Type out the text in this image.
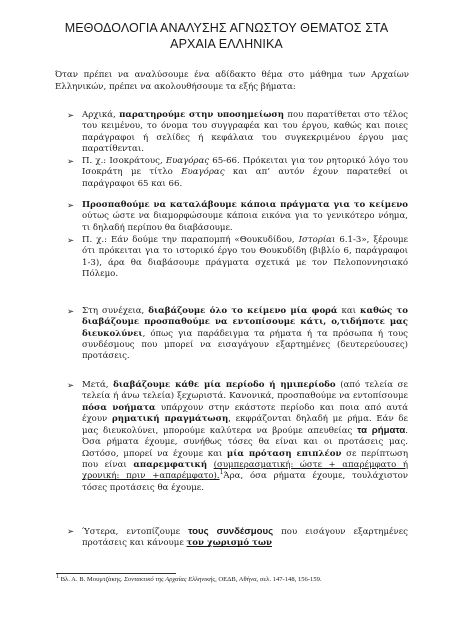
ΜΕΘΟΔΟΛΟΓΙΑ ΑΝΑΛΥΣΗΣ ΑΓΝΩΣΤΟΥ ΘΕΜΑΤΟΣ ΣΤΑ
ΑΡΧΑΙΑ ΕΛΛΗΝΙΚΑ
Όταν πρέπει να αναλύσουμε ένα αδίδακτο θέμα στο μάθημα των Αρχαίων Ελληνικών, πρέπει να ακολουθήσουμε τα εξής βήματα:
➢ Αρχικά, παρατηρούμε στην υποσημείωση που παρατίθεται στο τέλος του κειμένου, το όνομα του συγγραφέα και του έργου, καθώς και ποιες παράγραφοι ή σελίδες ή κεφάλαια του συγκεκριμένου έργου μας παρατίθενται.

➢ Π. χ.: Ισοκράτους, Ευαγόρας 65-66. Πρόκειται για τον ρητορικό λόγο του Ισοκράτη με τίτλο Ευαγόρας και απ’ αυτόν έχουν παρατεθεί οι παράγραφοι 65 και 66.

➢ Προσπαθούμε να καταλάβουμε κάποια πράγματα για το κείμενο ούτως ώστε να διαμορφώσουμε κάποια εικόνα για το γενικότερο νόημα, τι δηλαδή περίπου θα διαβάσουμε.

➢ Π. χ.: Εάν δούμε την παραπομπή «Θουκυδίδου, Ιστορίαι 6.1-3», ξέρουμε ότι πρόκειται για το ιστορικό έργο του Θουκυδίδη (βιβλίο 6, παράγραφοι 1-3), άρα θα διαβάσουμε πράγματα σχετικά με τον Πελοποννησιακό Πόλεμο.

➢ Στη συνέχεια, διαβάζουμε όλο το κείμενο μία φορά και καθώς το διαβάζουμε προσπαθούμε να εντοπίσουμε κάτι, ο,τιδήποτε μας διευκολύνει, όπως για παράδειγμα τα ρήματα ή τα πρόσωπα ή τους συνδέσμους που μπορεί να εισαγάγουν εξαρτημένες (δευτερεύουσες) προτάσεις.

➢ Μετά, διαβάζουμε κάθε μία περίοδο ή ημιπερίοδο (από τελεία σε τελεία ή άνω τελεία) ξεχωριστά. Κανονικά, προσπαθούμε να εντοπίσουμε πόσα νοήματα υπάρχουν στην εκάστοτε περίοδο και ποια από αυτά έχουν ρηματική πραγμάτωση, εκφράζονται δηλαδή με ρήμα. Εάν δε μας διευκολύνει, μπορούμε καλύτερα να βρούμε απευθείας τα ρήματα. Όσα ρήματα έχουμε, συνήθως τόσες θα είναι και οι προτάσεις μας. Ωστόσο, μπορεί να έχουμε και μία πρόταση επιπλέον σε περίπτωση που είναι απαρεμφατική (συμπερασματική: ώστε + απαρέμφατο ή χρονική: πριν +απαρέμφατο).$^1$Άρα, όσα ρήματα έχουμε, τουλάχιστον τόσες προτάσεις θα έχουμε.

➢ Ύστερα, εντοπίζουμε τους συνδέσμους που εισάγουν εξαρτημένες προτάσεις και κάνουμε τον χωρισμό των

$^1$ Βλ. Α. Β. Μουμτζάκης. Συντακτικό της Αρχαίας Ελληνικής, ΟΕΔΒ, Αθήνα, σελ. 147-148, 156-159.
